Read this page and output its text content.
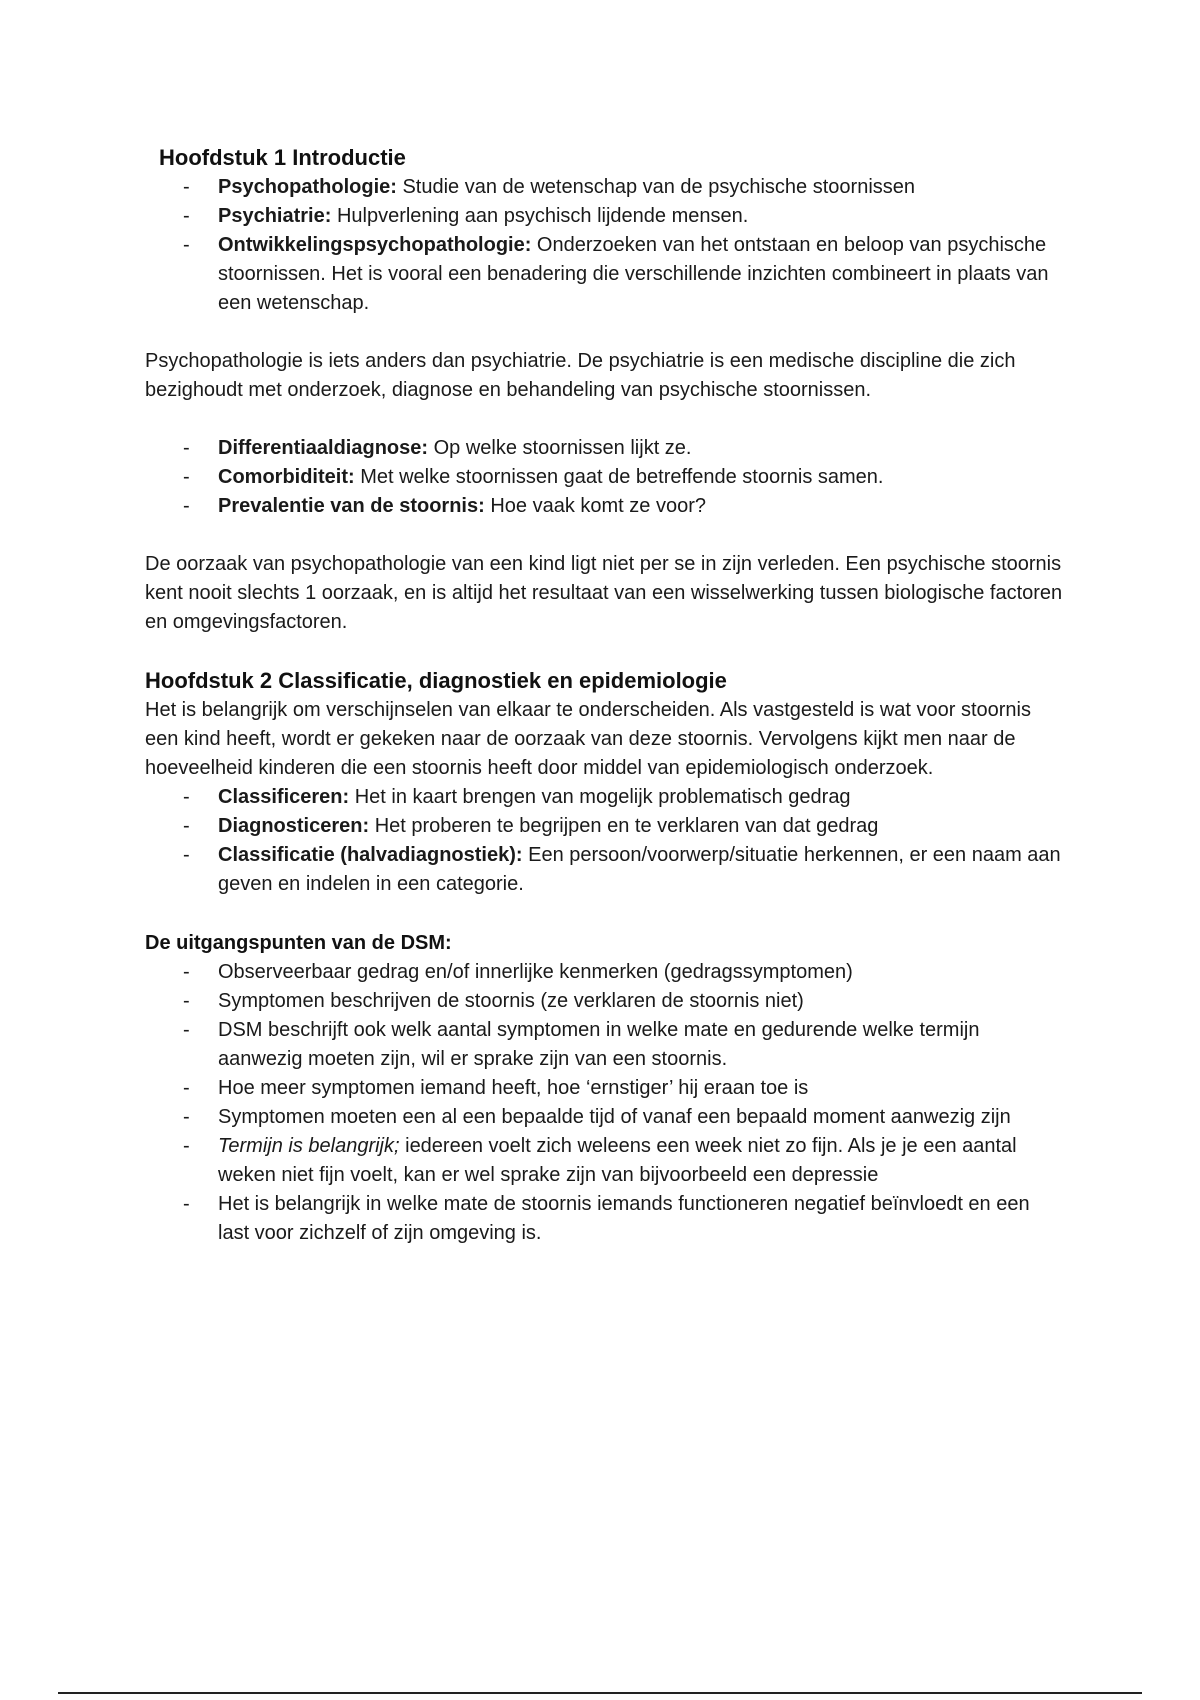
Hoofdstuk 1 Introductie
-	Psychopathologie: Studie van de wetenschap van de psychische stoornissen
-	Psychiatrie: Hulpverlening aan psychisch lijdende mensen.
-	Ontwikkelingspsychopathologie: Onderzoeken van het ontstaan en beloop van psychische stoornissen. Het is vooral een benadering die verschillende inzichten combineert in plaats van een wetenschap.

Psychopathologie is iets anders dan psychiatrie. De psychiatrie is een medische discipline die zich bezighoudt met onderzoek, diagnose en behandeling van psychische stoornissen.

-	Differentiaaldiagnose: Op welke stoornissen lijkt ze.
-	Comorbiditeit: Met welke stoornissen gaat de betreffende stoornis samen.
-	Prevalentie van de stoornis: Hoe vaak komt ze voor?

De oorzaak van psychopathologie van een kind ligt niet per se in zijn verleden. Een psychische stoornis kent nooit slechts 1 oorzaak, en is altijd het resultaat van een wisselwerking tussen biologische factoren en omgevingsfactoren.

Hoofdstuk 2 Classificatie, diagnostiek en epidemiologie

Het is belangrijk om verschijnselen van elkaar te onderscheiden. Als vastgesteld is wat voor stoornis een kind heeft, wordt er gekeken naar de oorzaak van deze stoornis. Vervolgens kijkt men naar de hoeveelheid kinderen die een stoornis heeft door middel van epidemiologisch onderzoek.

-	Classificeren: Het in kaart brengen van mogelijk problematisch gedrag
-	Diagnosticeren: Het proberen te begrijpen en te verklaren van dat gedrag
-	Classificatie (halvadiagnostiek): Een persoon/voorwerp/situatie herkennen, er een naam aan geven en indelen in een categorie.
De uitgangspunten van de DSM:
-	Observeerbaar gedrag en/of innerlijke kenmerken (gedragssymptomen)
-	Symptomen beschrijven de stoornis (ze verklaren de stoornis niet)
-	DSM beschrijft ook welk aantal symptomen in welke mate en gedurende welke termijn aanwezig moeten zijn, wil er sprake zijn van een stoornis.
-	Hoe meer symptomen iemand heeft, hoe ‘ernstiger’ hij eraan toe is
-	Symptomen moeten een al een bepaalde tijd of vanaf een bepaald moment aanwezig zijn
-	Termijn is belangrijk; iedereen voelt zich weleens een week niet zo fijn. Als je je een aantal weken niet fijn voelt, kan er wel sprake zijn van bijvoorbeeld een depressie
-	Het is belangrijk in welke mate de stoornis iemands functioneren negatief beïnvloedt en een last voor zichzelf of zijn omgeving is.
